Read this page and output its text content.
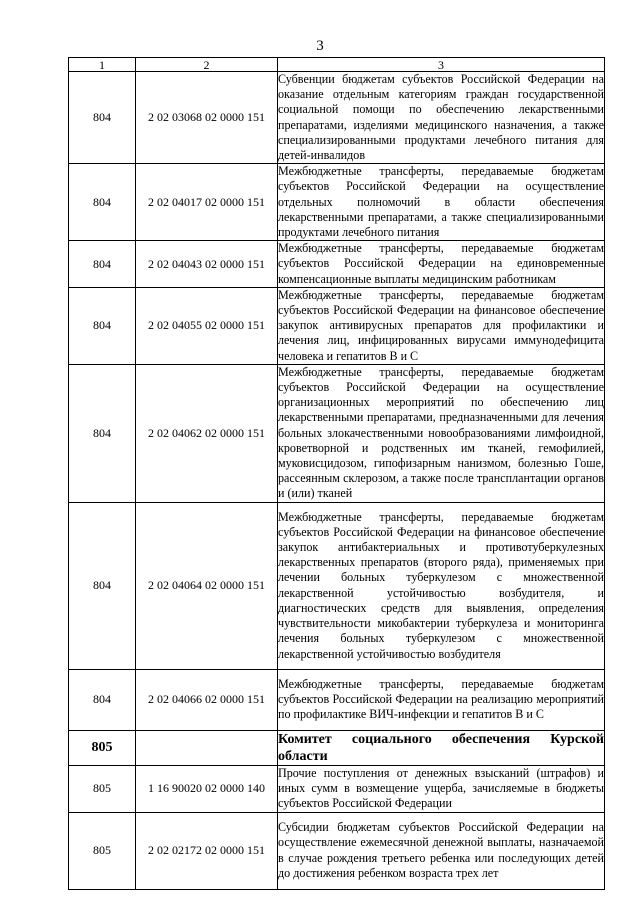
3
1	2	3
804	2 02 03068 02 0000 151	Субвенции бюджетам субъектов Российской Федерации на оказание отдельным категориям граждан государственной социальной помощи по обеспечению лекарственными препаратами, изделиями медицинского назначения, а также специализированными продуктами лечебного питания для детей-инвалидов
804	2 02 04017 02 0000 151	Межбюджетные трансферты, передаваемые бюджетам субъектов Российской Федерации на осуществление отдельных полномочий в области обеспечения лекарственными препаратами, а также специализированными продуктами лечебного питания
804	2 02 04043 02 0000 151	Межбюджетные трансферты, передаваемые бюджетам субъектов Российской Федерации на единовременные компенсационные выплаты медицинским работникам
804	2 02 04055 02 0000 151	Межбюджетные трансферты, передаваемые бюджетам субъектов Российской Федерации на финансовое обеспечение закупок антивирусных препаратов для профилактики и лечения лиц, инфицированных вирусами иммунодефицита человека и гепатитов В и С
804	2 02 04062 02 0000 151	Межбюджетные трансферты, передаваемые бюджетам субъектов Российской Федерации на осуществление организационных мероприятий по обеспечению лиц лекарственными препаратами, предназначенными для лечения больных злокачественными новообразованиями лимфоидной, кроветворной и родственных им тканей, гемофилией, муковисцидозом, гипофизарным нанизмом, болезнью Гоше, рассеянным склерозом, а также после трансплантации органов и (или) тканей
804	2 02 04064 02 0000 151	Межбюджетные трансферты, передаваемые бюджетам субъектов Российской Федерации на финансовое обеспечение закупок антибактериальных и противотуберкулезных лекарственных препаратов (второго ряда), применяемых при лечении больных туберкулезом с множественной лекарственной устойчивостью возбудителя, и диагностических средств для выявления, определения чувствительности микобактерии туберкулеза и мониторинга лечения больных туберкулезом с множественной лекарственной устойчивостью возбудителя
804	2 02 04066 02 0000 151	Межбюджетные трансферты, передаваемые бюджетам субъектов Российской Федерации на реализацию мероприятий по профилактике ВИЧ-инфекции и гепатитов В и С
805		Комитет социального обеспечения Курской области
805	1 16 90020 02 0000 140	Прочие поступления от денежных взысканий (штрафов) и иных сумм в возмещение ущерба, зачисляемые в бюджеты субъектов Российской Федерации
805	2 02 02172 02 0000 151	Субсидии бюджетам субъектов Российской Федерации на осуществление ежемесячной денежной выплаты, назначаемой в случае рождения третьего ребенка или последующих детей до достижения ребенком возраста трех лет
